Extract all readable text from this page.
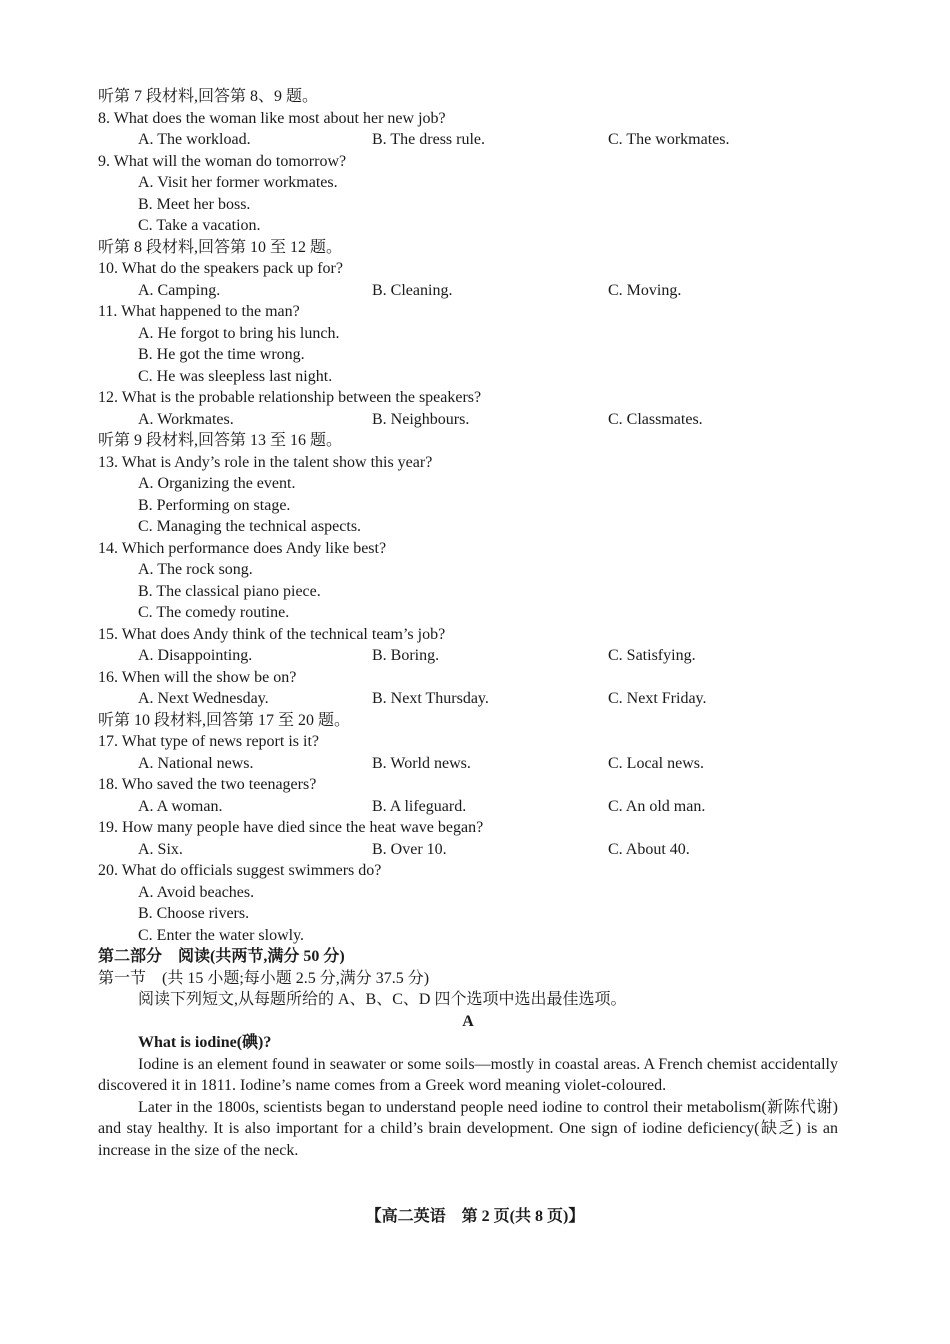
听第 7 段材料,回答第 8、9 题。
8. What does the woman like most about her new job?
A. The workload.	B. The dress rule.	C. The workmates.
9. What will the woman do tomorrow?
A. Visit her former workmates.
B. Meet her boss.
C. Take a vacation.
听第 8 段材料,回答第 10 至 12 题。
10. What do the speakers pack up for?
A. Camping.	B. Cleaning.	C. Moving.
11. What happened to the man?
A. He forgot to bring his lunch.
B. He got the time wrong.
C. He was sleepless last night.
12. What is the probable relationship between the speakers?
A. Workmates.	B. Neighbours.	C. Classmates.
听第 9 段材料,回答第 13 至 16 题。
13. What is Andy’s role in the talent show this year?
A. Organizing the event.
B. Performing on stage.
C. Managing the technical aspects.
14. Which performance does Andy like best?
A. The rock song.
B. The classical piano piece.
C. The comedy routine.
15. What does Andy think of the technical team’s job?
A. Disappointing.	B. Boring.	C. Satisfying.
16. When will the show be on?
A. Next Wednesday.	B. Next Thursday.	C. Next Friday.
听第 10 段材料,回答第 17 至 20 题。
17. What type of news report is it?
A. National news.	B. World news.	C. Local news.
18. Who saved the two teenagers?
A. A woman.	B. A lifeguard.	C. An old man.
19. How many people have died since the heat wave began?
A. Six.	B. Over 10.	C. About 40.
20. What do officials suggest swimmers do?
A. Avoid beaches.
B. Choose rivers.
C. Enter the water slowly.
第二部分　阅读(共两节,满分 50 分)
第一节　(共 15 小题;每小题 2.5 分,满分 37.5 分)
阅读下列短文,从每题所给的 A、B、C、D 四个选项中选出最佳选项。
A
What is iodine(碘)?

Iodine is an element found in seawater or some soils—mostly in coastal areas. A French chemist accidentally discovered it in 1811. Iodine’s name comes from a Greek word meaning violet-coloured.

Later in the 1800s, scientists began to understand people need iodine to control their metabolism(新陈代谢) and stay healthy. It is also important for a child’s brain development. One sign of iodine deficiency(缺乏) is an increase in the size of the neck.

【高二英语　第 2 页(共 8 页)】
